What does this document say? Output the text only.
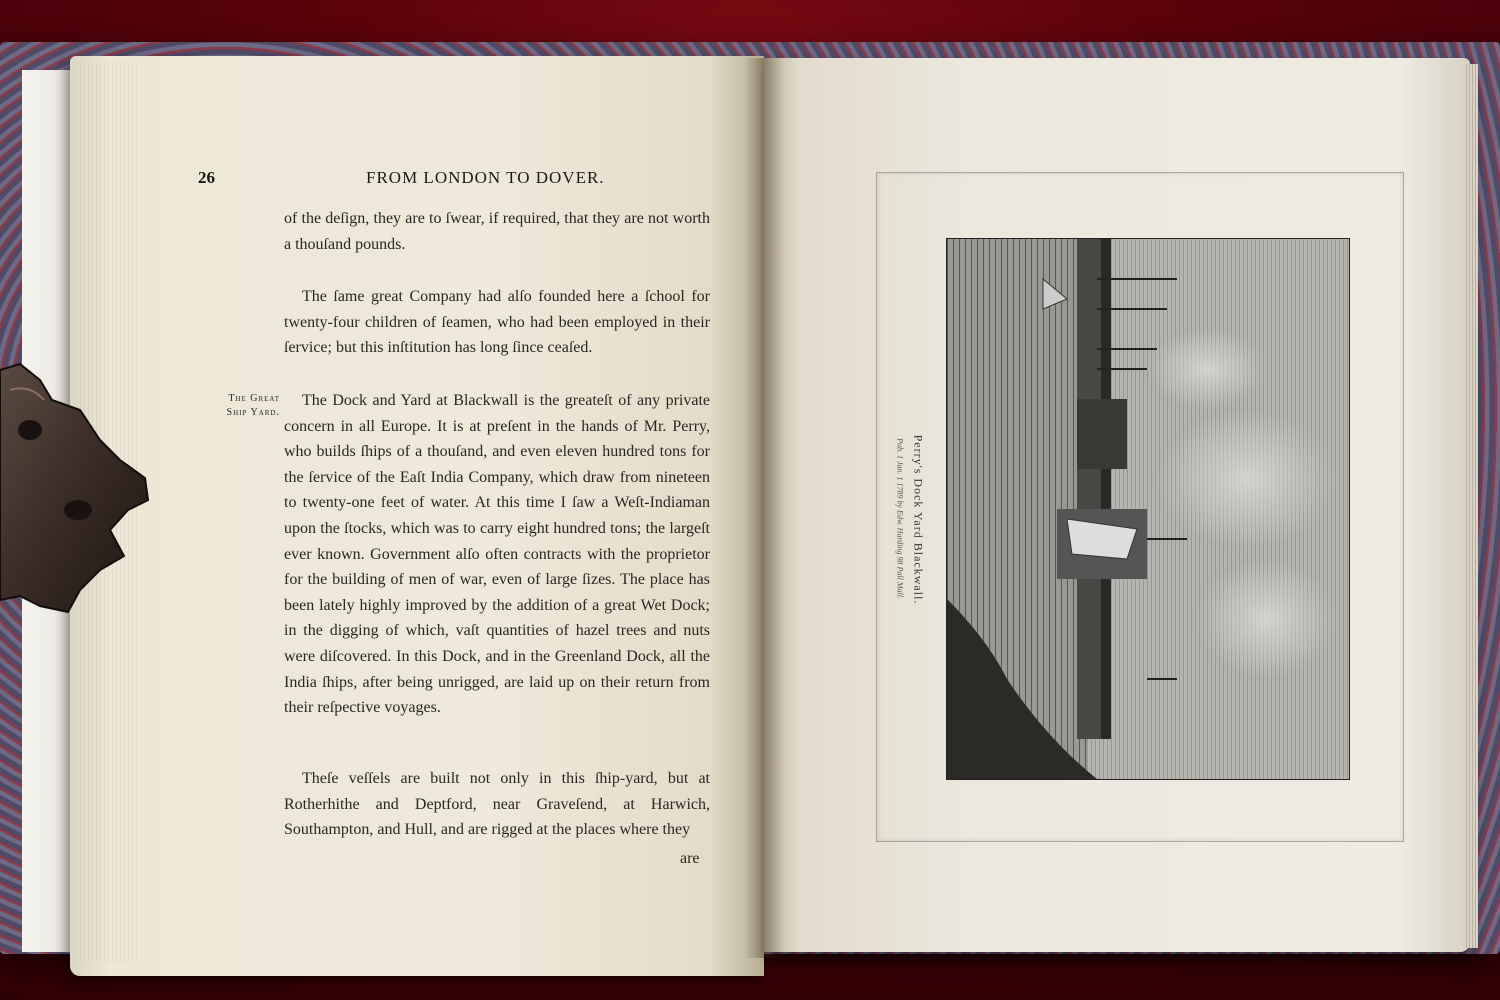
26	FROM LONDON TO DOVER.
The Great
Ship Yard.

of the deſign, they are to ſwear, if required, that they are not worth a thouſand pounds.

The ſame great Company had alſo founded here a ſchool for twenty-four children of ſeamen, who had been employed in their ſervice; but this inſtitution has long ſince ceaſed.

The Dock and Yard at Blackwall is the greateſt of any private concern in all Europe. It is at preſent in the hands of Mr. Perry, who builds ſhips of a thouſand, and even eleven hundred tons for the ſervice of the Eaſt India Company, which draw from nineteen to twenty-one feet of water. At this time I ſaw a Weſt-Indiaman upon the ſtocks, which was to carry eight hundred tons; the largeſt ever known. Government alſo often contracts with the proprietor for the building of men of war, even of large ſizes. The place has been lately highly improved by the addition of a great Wet Dock; in the digging of which, vaſt quantities of hazel trees and nuts were diſcovered. In this Dock, and in the Greenland Dock, all the India ſhips, after being unrigged, are laid up on their return from their reſpective voyages.

Theſe veſſels are built not only in this ſhip-yard, but at Rotherhithe and Deptford, near Graveſend, at Harwich, Southampton, and Hull, and are rigged at the places where they

are
Perry's Dock Yard Blackwall.
Pub. 1 Jan. 1 1789 by Edw. Harding 98 Pall Mall.
